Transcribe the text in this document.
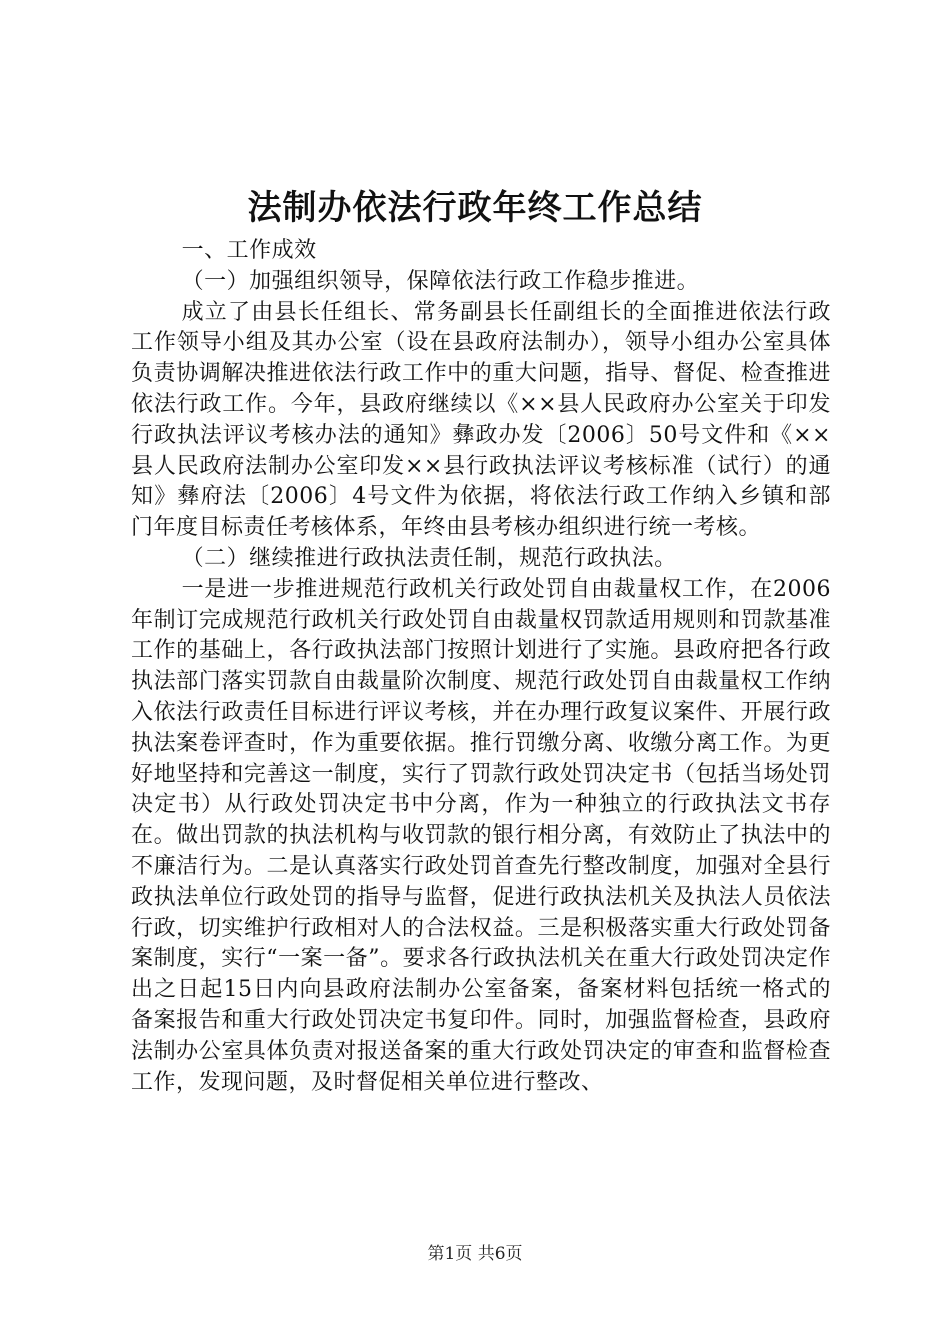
法制办依法行政年终工作总结

一、工作成效

（一）加强组织领导，保障依法行政工作稳步推进。

成立了由县长任组长、常务副县长任副组长的全面推进依法行政工作领导小组及其办公室（设在县政府法制办），领导小组办公室具体负责协调解决推进依法行政工作中的重大问题，指导、督促、检查推进依法行政工作。今年，县政府继续以《××县人民政府办公室关于印发行政执法评议考核办法的通知》彝政办发〔2006〕50号文件和《××县人民政府法制办公室印发××县行政执法评议考核标准（试行）的通知》彝府法〔2006〕4号文件为依据，将依法行政工作纳入乡镇和部门年度目标责任考核体系，年终由县考核办组织进行统一考核。

（二）继续推进行政执法责任制，规范行政执法。

一是进一步推进规范行政机关行政处罚自由裁量权工作，在2006年制订完成规范行政机关行政处罚自由裁量权罚款适用规则和罚款基准工作的基础上，各行政执法部门按照计划进行了实施。县政府把各行政执法部门落实罚款自由裁量阶次制度、规范行政处罚自由裁量权工作纳入依法行政责任目标进行评议考核，并在办理行政复议案件、开展行政执法案卷评查时，作为重要依据。推行罚缴分离、收缴分离工作。为更好地坚持和完善这一制度，实行了罚款行政处罚决定书（包括当场处罚决定书）从行政处罚决定书中分离，作为一种独立的行政执法文书存在。做出罚款的执法机构与收罚款的银行相分离，有效防止了执法中的不廉洁行为。二是认真落实行政处罚首查先行整改制度，加强对全县行政执法单位行政处罚的指导与监督，促进行政执法机关及执法人员依法行政，切实维护行政相对人的合法权益。三是积极落实重大行政处罚备案制度，实行“一案一备”。要求各行政执法机关在重大行政处罚决定作出之日起15日内向县政府法制办公室备案，备案材料包括统一格式的备案报告和重大行政处罚决定书复印件。同时，加强监督检查，县政府法制办公室具体负责对报送备案的重大行政处罚决定的审查和监督检查工作，发现问题，及时督促相关单位进行整改、

第1页 共6页
